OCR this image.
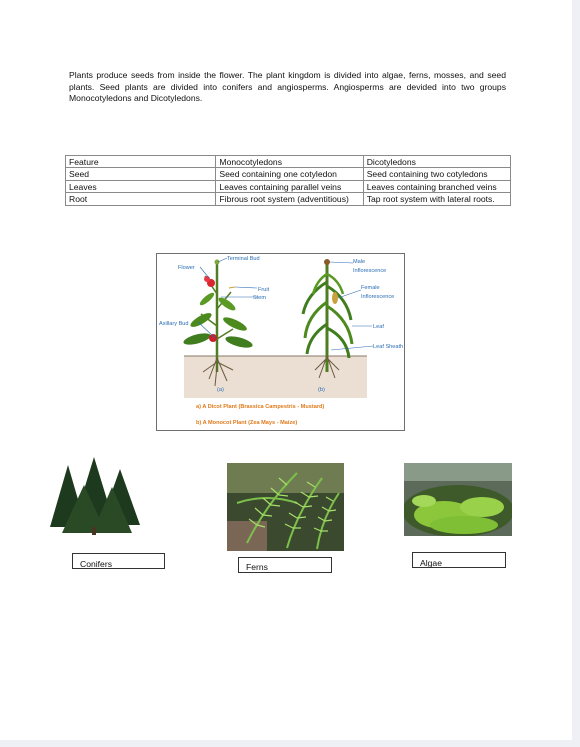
Plants produce seeds from inside the flower. The plant kingdom is divided into algae, ferns, mosses, and seed plants. Seed plants are divided into conifers and angiosperms. Angiosperms are devided into two groups Monocotyledons and Dicotyledons.

Feature	Monocotyledons	Dicotyledons
Seed	Seed containing one cotyledon	Seed containing two cotyledons
Leaves	Leaves containing parallel veins	Leaves containing branched veins
Root	Fibrous root system (adventitious)	Tap root system with lateral roots.
Flower
Terminal Bud
Fruit
Stem
Axillary Bud
Male
Inflorescence
Female
Inflorescence
Leaf
Leaf Sheath
(a)	(b)
a) A Dicot Plant (Brassica Campestris - Mustard)
b) A Monocot Plant (Zea Mays - Maize)
Conifers	Ferns	Algae
